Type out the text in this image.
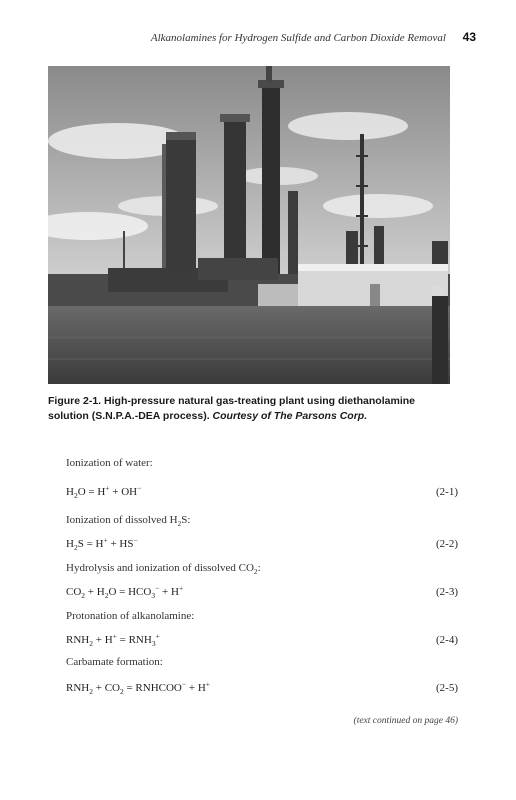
Alkanolamines for Hydrogen Sulfide and Carbon Dioxide Removal 43
Figure 2-1. High-pressure natural gas-treating plant using diethanolamine solution (S.N.P.A.-DEA process). Courtesy of The Parsons Corp.
Ionization of water:
$H_2O = H^+ + OH^-$	(2-1)
Ionization of dissolved $H_2S$:
$H_2S = H^+ + HS^-$	(2-2)
Hydrolysis and ionization of dissolved $CO_2$:
$CO_2 + H_2O = HCO_3^- + H^+$	(2-3)
Protonation of alkanolamine:
$RNH_2 + H^+ = RNH_3^+$	(2-4)
Carbamate formation:
$RNH_2 + CO_2$ = RNHCOO− + H+	(2-5)
(text continued on page 46)
